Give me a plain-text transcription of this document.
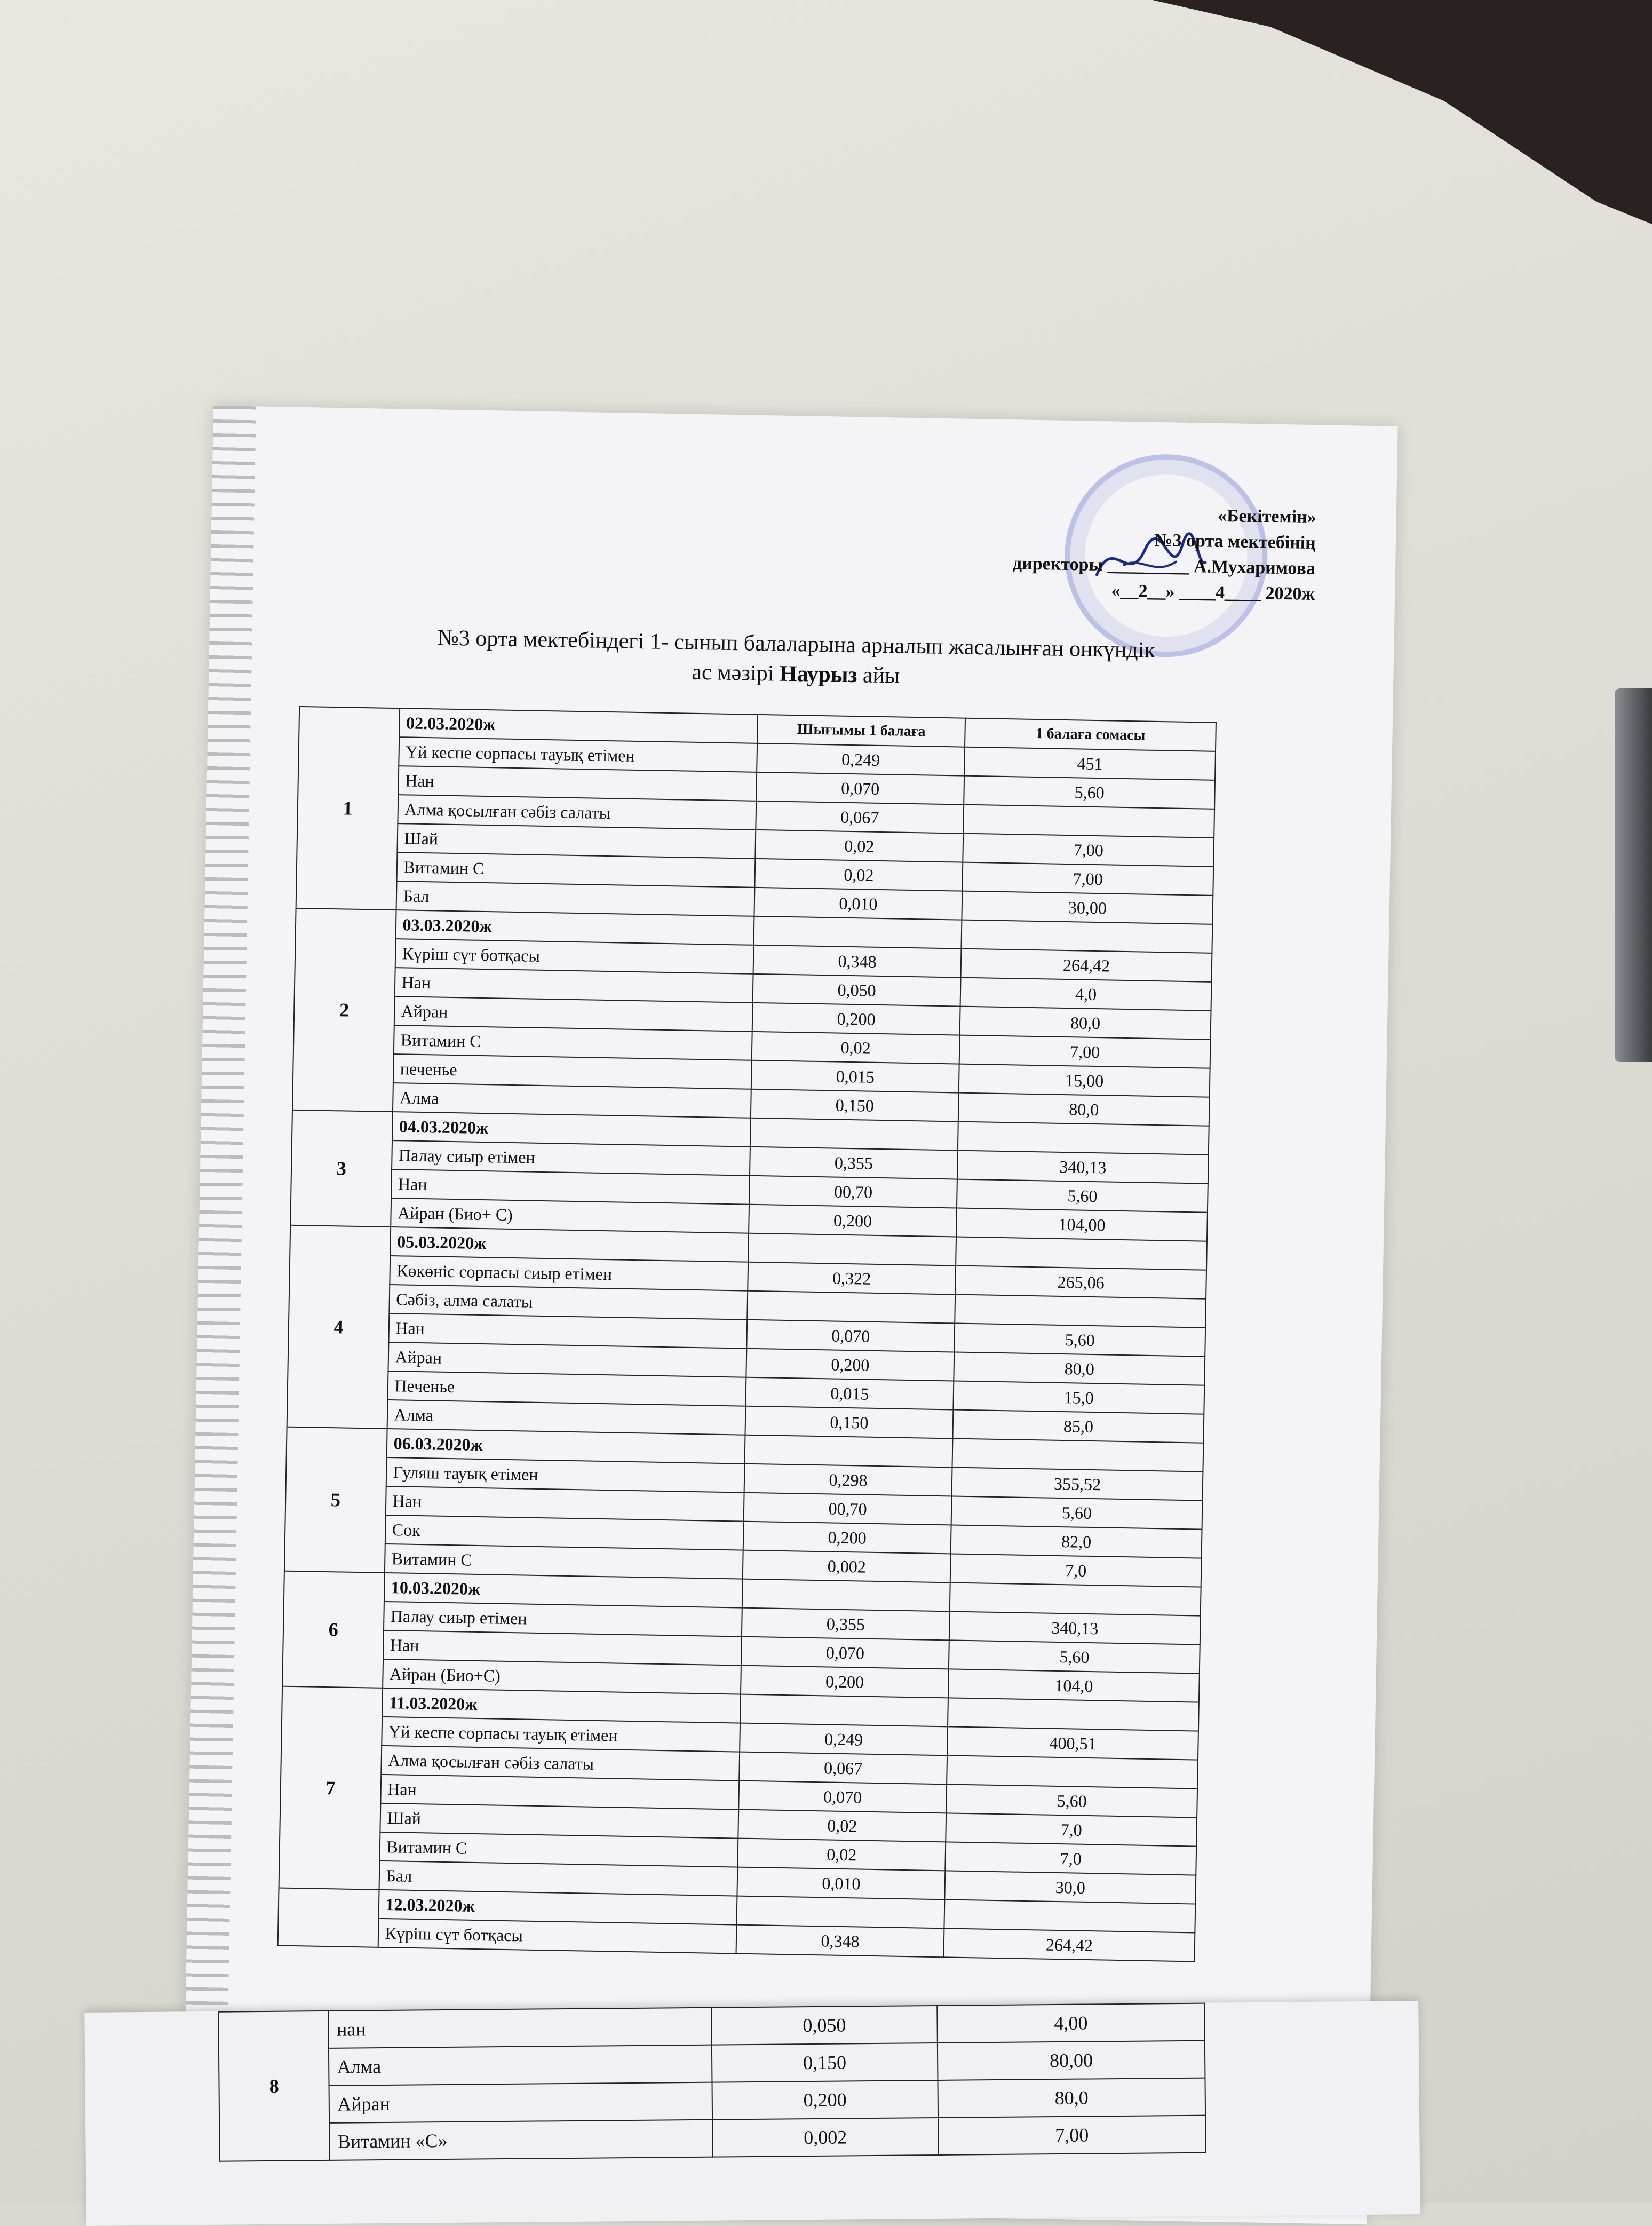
«Бекітемін»
№3 орта мектебінің
директоры _________ А.Мухаримова
«__2__» ____4____ 2020ж
№3 орта мектебіндегі 1- сынып балаларына арналып жасалынған онкүндік
ас мәзірі Наурыз айы
1	02.03.2020ж	Шығымы 1 балаға	1 балаға сомасы
	Үй кеспе сорпасы тауық етімен	0,249	451
	Нан	0,070	5,60
	Алма қосылған сәбіз салаты	0,067	
	Шай	0,02	7,00
	Витамин С	0,02	7,00
	Бал	0,010	30,00
2	03.03.2020ж		
	Күріш сүт ботқасы	0,348	264,42
	Нан	0,050	4,0
	Айран	0,200	80,0
	Витамин С	0,02	7,00
	печенье	0,015	15,00
	Алма	0,150	80,0
3	04.03.2020ж		
	Палау сиыр етімен	0,355	340,13
	Нан	00,70	5,60
	Айран (Био+ С)	0,200	104,00
4	05.03.2020ж		
	Көкөніс сорпасы сиыр етімен	0,322	265,06
	Сәбіз, алма салаты		
	Нан	0,070	5,60
	Айран	0,200	80,0
	Печенье	0,015	15,0
	Алма	0,150	85,0
5	06.03.2020ж		
	Гуляш тауық етімен	0,298	355,52
	Нан	00,70	5,60
	Сок	0,200	82,0
	Витамин С	0,002	7,0
6	10.03.2020ж		
	Палау сиыр етімен	0,355	340,13
	Нан	0,070	5,60
	Айран (Био+С)	0,200	104,0
7	11.03.2020ж		
	Үй кеспе сорпасы тауық етімен	0,249	400,51
	Алма қосылған сәбіз салаты	0,067	
	Нан	0,070	5,60
	Шай	0,02	7,0
	Витамин С	0,02	7,0
	Бал	0,010	30,0
	12.03.2020ж		
	Күріш сүт ботқасы	0,348	264,42
8	нан	0,050	4,00
	Алма	0,150	80,00
	Айран	0,200	80,0
	Витамин «С»	0,002	7,00
